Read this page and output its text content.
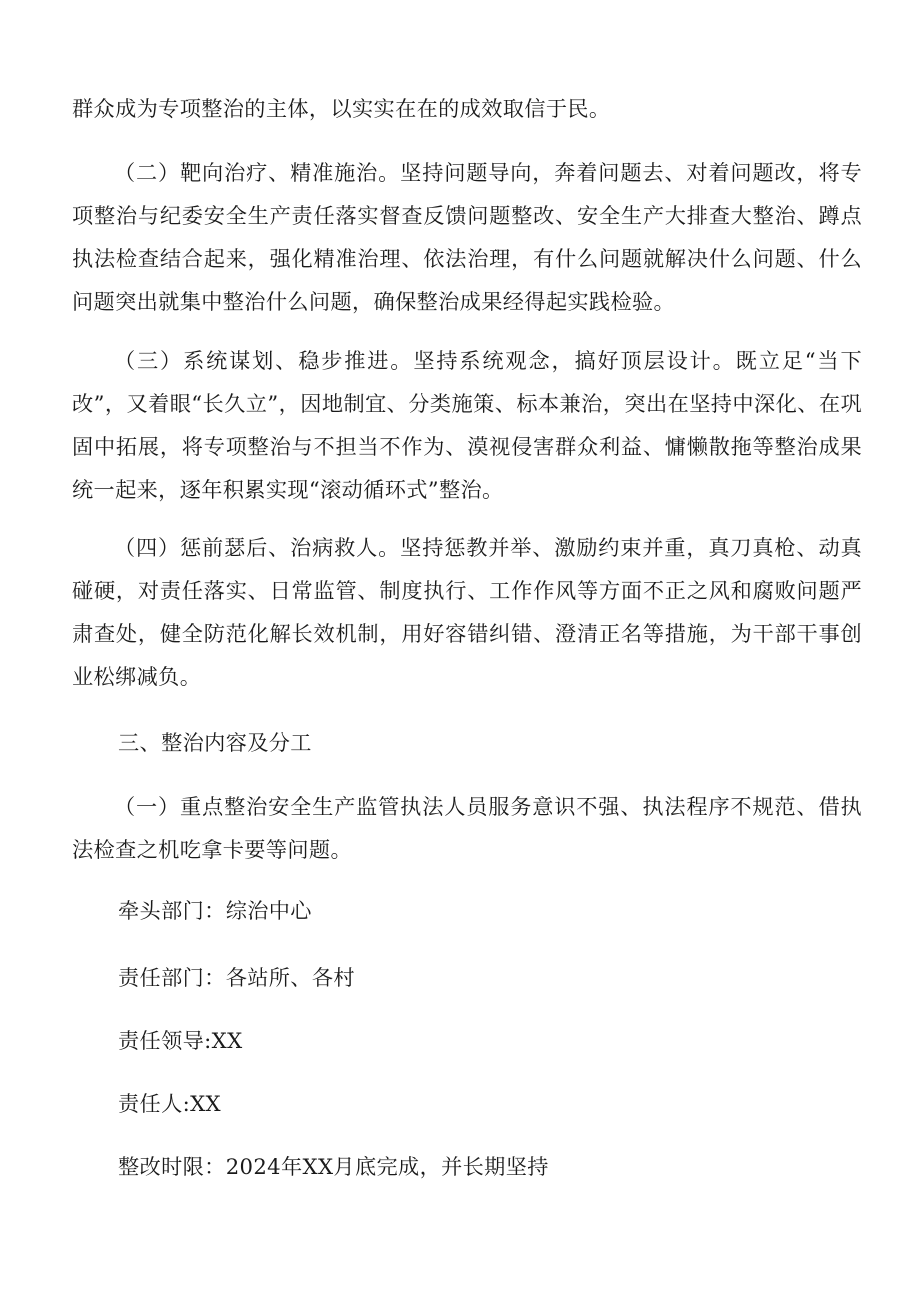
群众成为专项整治的主体，以实实在在的成效取信于民。

（二）靶向治疗、精准施治。坚持问题导向，奔着问题去、对着问题改，将专项整治与纪委安全生产责任落实督查反馈问题整改、安全生产大排查大整治、蹲点执法检查结合起来，强化精准治理、依法治理，有什么问题就解决什么问题、什么问题突出就集中整治什么问题，确保整治成果经得起实践检验。

（三）系统谋划、稳步推进。坚持系统观念，搞好顶层设计。既立足“当下改”，又着眼“长久立”，因地制宜、分类施策、标本兼治，突出在坚持中深化、在巩固中拓展，将专项整治与不担当不作为、漠视侵害群众利益、慵懒散拖等整治成果统一起来，逐年积累实现“滚动循环式”整治。

（四）惩前瑟后、治病救人。坚持惩教并举、激励约束并重，真刀真枪、动真碰硬，对责任落实、日常监管、制度执行、工作作风等方面不正之风和腐败问题严肃查处，健全防范化解长效机制，用好容错纠错、澄清正名等措施，为干部干事创业松绑减负。

三、整治内容及分工

（一）重点整治安全生产监管执法人员服务意识不强、执法程序不规范、借执法检查之机吃拿卡要等问题。

牵头部门：综治中心

责任部门：各站所、各村

责任领导:XX

责任人:XX

整改时限：2024年XX月底完成，并长期坚持
